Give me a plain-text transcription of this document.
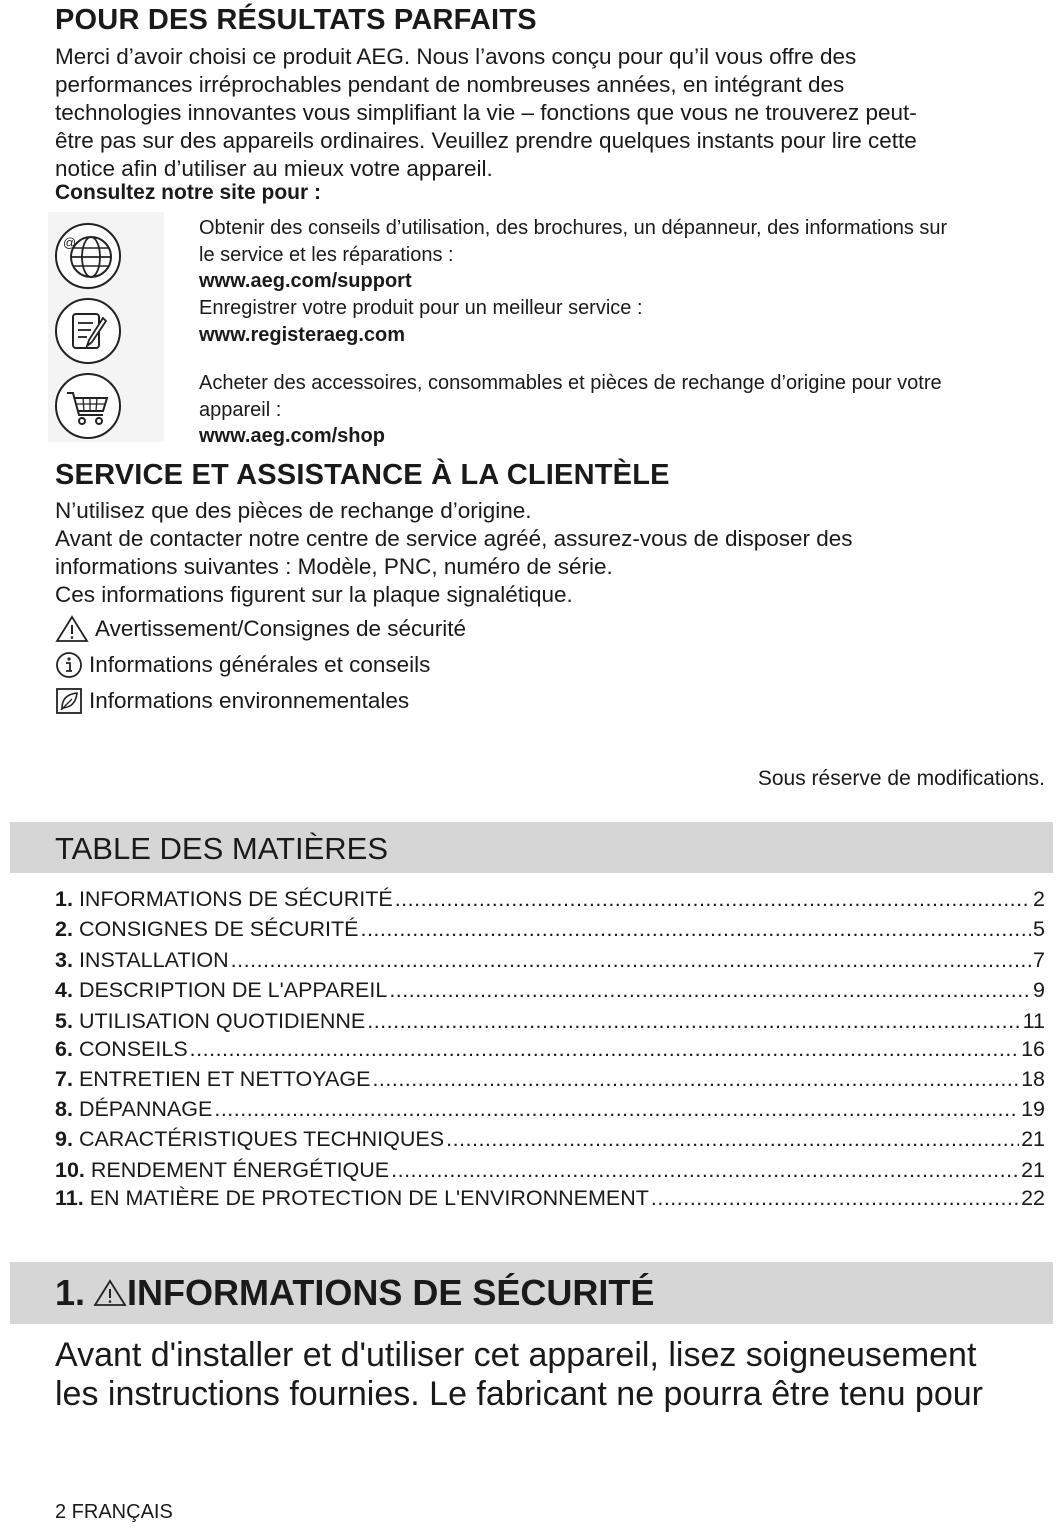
POUR DES RÉSULTATS PARFAITS
Merci d’avoir choisi ce produit AEG. Nous l’avons conçu pour qu’il vous offre des
performances irréprochables pendant de nombreuses années, en intégrant des
technologies innovantes vous simplifiant la vie – fonctions que vous ne trouverez peut-
être pas sur des appareils ordinaires. Veuillez prendre quelques instants pour lire cette
notice afin d’utiliser au mieux votre appareil.
Consultez notre site pour :
@
Obtenir des conseils d’utilisation, des brochures, un dépanneur, des informations sur
le service et les réparations :
www.aeg.com/support
Enregistrer votre produit pour un meilleur service :
www.registeraeg.com
Acheter des accessoires, consommables et pièces de rechange d’origine pour votre
appareil :
www.aeg.com/shop
SERVICE ET ASSISTANCE À LA CLIENTÈLE
N’utilisez que des pièces de rechange d’origine.
Avant de contacter notre centre de service agréé, assurez-vous de disposer des
informations suivantes : Modèle, PNC, numéro de série.
Ces informations figurent sur la plaque signalétique.
Avertissement/Consignes de sécurité
Informations générales et conseils
Informations environnementales
Sous réserve de modifications.
TABLE DES MATIÈRES
1. INFORMATIONS DE SÉCURITÉ .....	2
2. CONSIGNES DE SÉCURITÉ .....	5
3. INSTALLATION .....	7
4. DESCRIPTION DE L'APPAREIL .....	9
5. UTILISATION QUOTIDIENNE .....	11
6. CONSEILS .....	16
7. ENTRETIEN ET NETTOYAGE .....	18
8. DÉPANNAGE .....	19
9. CARACTÉRISTIQUES TECHNIQUES .....	21
10. RENDEMENT ÉNERGÉTIQUE .....	21
11. EN MATIÈRE DE PROTECTION DE L'ENVIRONNEMENT .....	22
1. INFORMATIONS DE SÉCURITÉ
Avant d'installer et d'utiliser cet appareil, lisez soigneusement
les instructions fournies. Le fabricant ne pourra être tenu pour
2 FRANÇAIS
